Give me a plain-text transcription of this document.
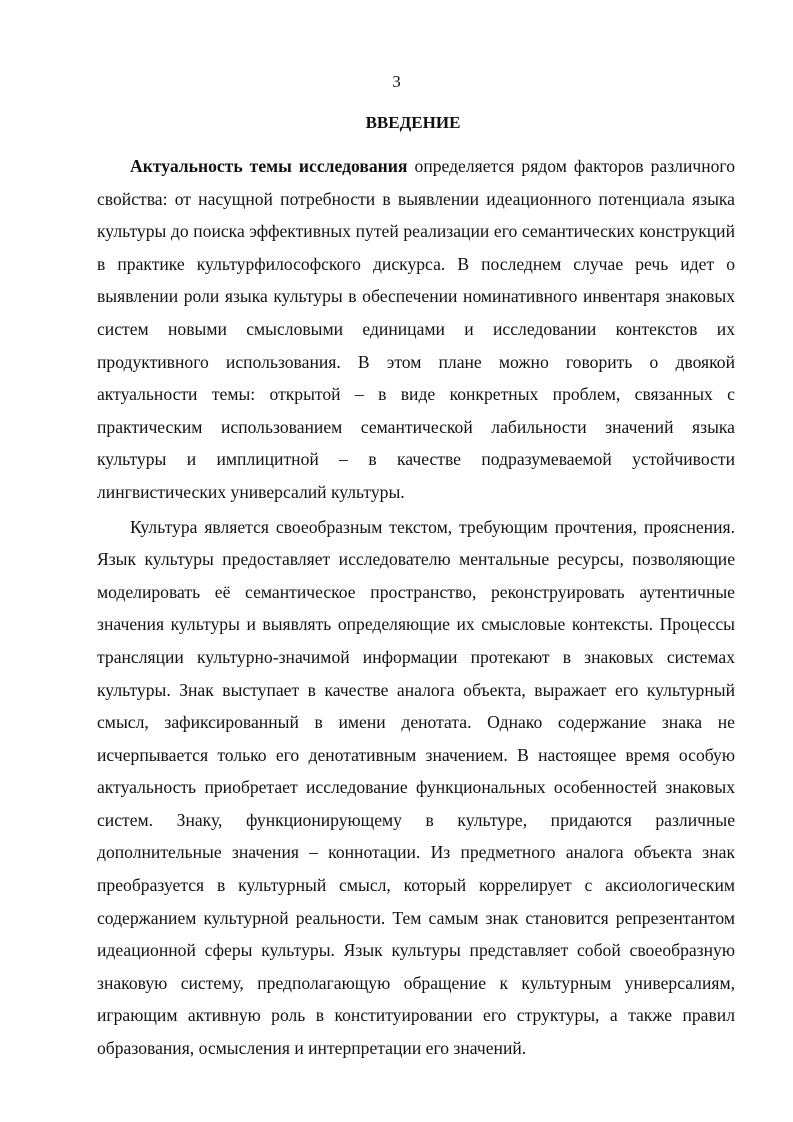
3
ВВЕДЕНИЕ

Актуальность темы исследования определяется рядом факторов различного свойства: от насущной потребности в выявлении идеационного потенциала языка культуры до поиска эффективных путей реализации его семантических конструкций в практике культурфилософского дискурса. В последнем случае речь идет о выявлении роли языка культуры в обеспечении номинативного инвентаря знаковых систем новыми смысловыми единицами и исследовании контекстов их продуктивного использования. В этом плане можно говорить о двоякой актуальности темы: открытой – в виде конкретных проблем, связанных с практическим использованием семантической лабильности значений языка культуры и имплицитной – в качестве подразумеваемой устойчивости лингвистических универсалий культуры.

Культура является своеобразным текстом, требующим прочтения, прояснения. Язык культуры предоставляет исследователю ментальные ресурсы, позволяющие моделировать её семантическое пространство, реконструировать аутентичные значения культуры и выявлять определяющие их смысловые контексты. Процессы трансляции культурно-значимой информации протекают в знаковых системах культуры. Знак выступает в качестве аналога объекта, выражает его культурный смысл, зафиксированный в имени денотата. Однако содержание знака не исчерпывается только его денотативным значением. В настоящее время особую актуальность приобретает исследование функциональных особенностей знаковых систем. Знаку, функционирующему в культуре, придаются различные дополнительные значения – коннотации. Из предметного аналога объекта знак преобразуется в культурный смысл, который коррелирует с аксиологическим содержанием культурной реальности. Тем самым знак становится репрезентантом идеационной сферы культуры. Язык культуры представляет собой своеобразную знаковую систему, предполагающую обращение к культурным универсалиям, играющим активную роль в конституировании его структуры, а также правил образования, осмысления и интерпретации его значений.
